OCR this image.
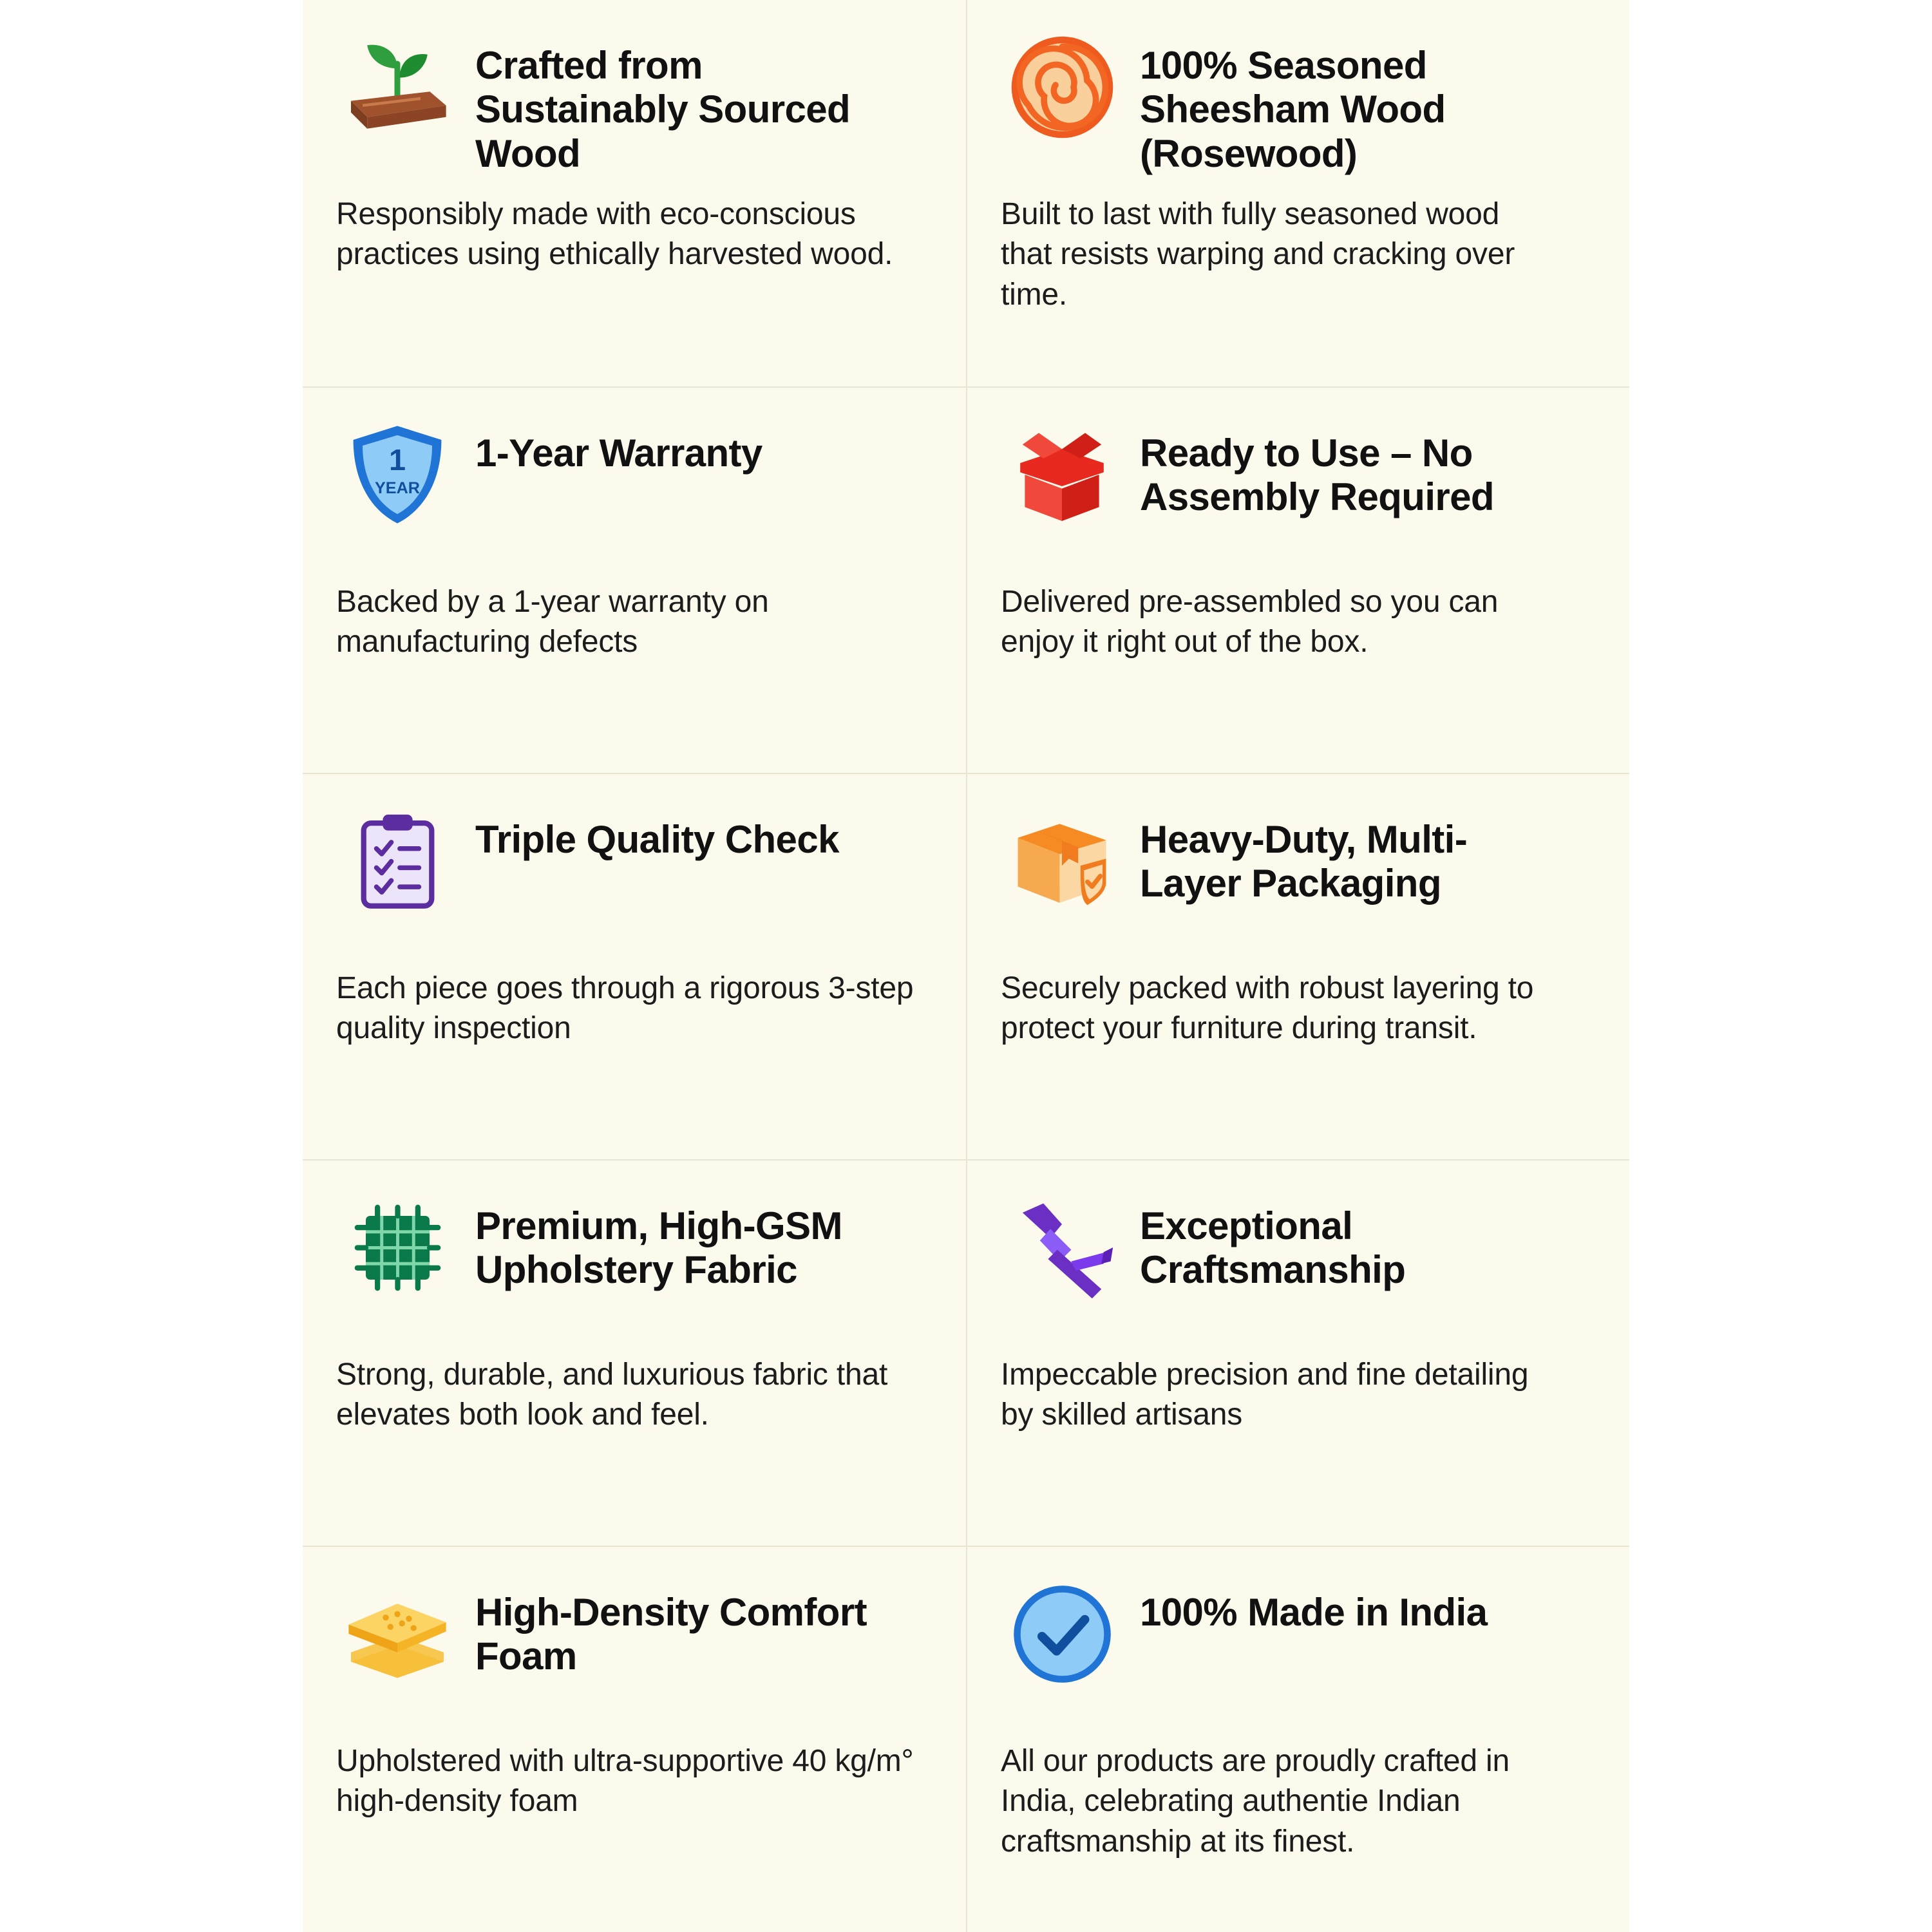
Crafted from Sustainably Sourced Wood
Responsibly made with eco-conscious practices using ethically harvested wood.
100% Seasoned Sheesham Wood (Rosewood)
Built to last with fully seasoned wood that resists warping and cracking over time.
1
YEAR
1-Year Warranty
Backed by a 1-year warranty on manufacturing defects
Ready to Use – No Assembly Required
Delivered pre-assembled so you can enjoy it right out of the box.
Triple Quality Check
Each piece goes through a rigorous 3-step quality inspection
Heavy-Duty, Multi-Layer Packaging
Securely packed with robust layering to protect your furniture during transit.
Premium, High-GSM Upholstery Fabric
Strong, durable, and luxurious fabric that elevates both look and feel.
Exceptional Craftsmanship
Impeccable precision and fine detailing by skilled artisans
High-Density Comfort Foam
Upholstered with ultra-supportive 40 kg/m° high-density foam
100% Made in India
All our products are proudly crafted in India, celebrating authentie Indian craftsmanship at its finest.
